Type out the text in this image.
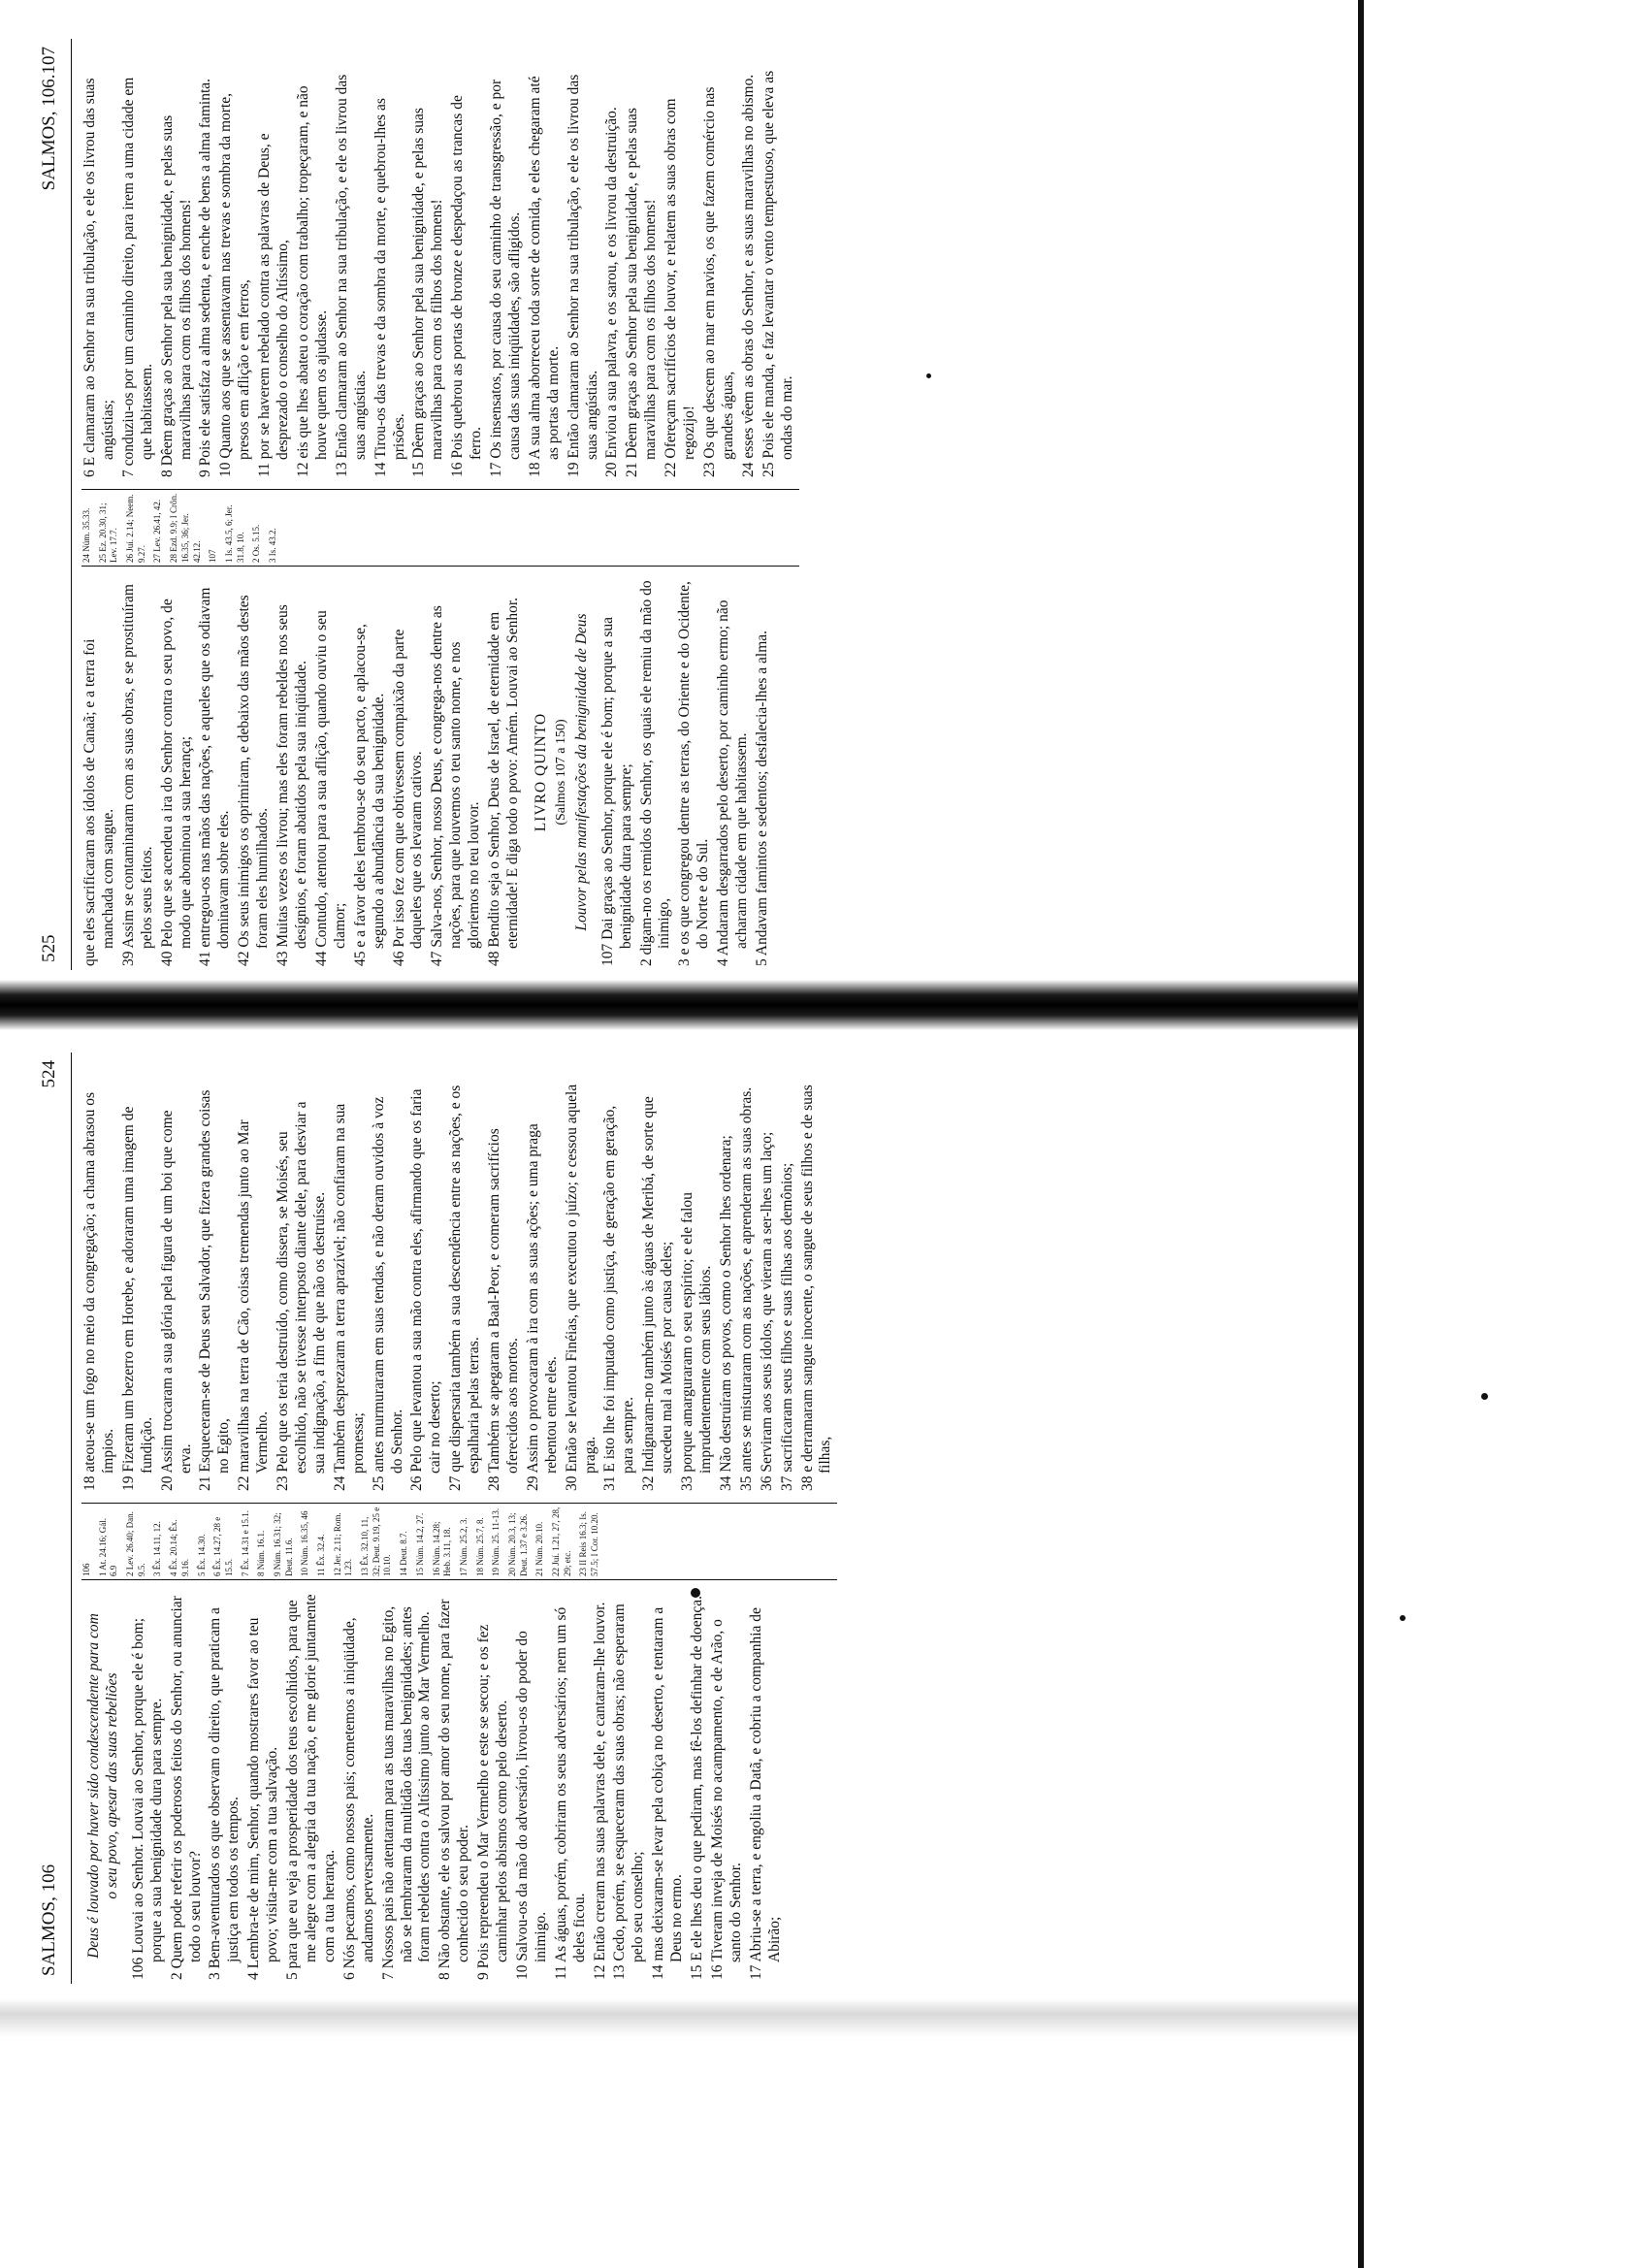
SALMOS, 106
524
Deus é louvado por haver sido condescendente para com o seu povo, apesar das suas rebeliões 106 Louvai ao Senhor. Louvai ao Senhor, porque ele é bom; porque a sua benignidade dura para sempre. 2 Quem pode referir os poderosos feitos do Senhor, ou anunciar todo o seu louvor? 3 Bem-aventurados os que observam o direito, que praticam a justiça em todos os tempos. 4 Lembra-te de mim, Senhor, quando mostrares favor ao teu povo; visita-me com a tua salvação. 5 para que eu veja a prosperidade dos teus escolhidos, para que me alegre com a alegria da tua nação, e me glorie juntamente com a tua herança. 6 Nós pecamos, como nossos pais; cometemos a iniqüidade, andamos perversamente. 7 Nossos pais não atentaram para as tuas maravilhas no Egito, não se lembraram da multidão das tuas benignidades; antes foram rebeldes contra o Altíssimo junto ao Mar Vermelho. 8 Não obstante, ele os salvou por amor do seu nome, para fazer conhecido o seu poder. 9 Pois repreendeu o Mar Vermelho e este se secou; e os fez caminhar pelos abismos como pelo deserto. 10 Salvou-os da mão do adversário, livrou-os do poder do inimigo. 11 As águas, porém, cobriram os seus adversários; nem um só deles ficou. 12 Então creram nas suas palavras dele, e cantaram-lhe louvor. 13 Cedo, porém, se esqueceram das suas obras; não esperaram pelo seu conselho; 14 mas deixaram-se levar pela cobiça no deserto, e tentaram a Deus no ermo. 15 E ele lhes deu o que pediram, mas fê-los definhar de doença. 16 Tiveram inveja de Moisés no acampamento, e de Arão, o santo do Senhor. 17 Abriu-se a terra, e engoliu a Datã, e cobriu a companhia de Abirão;
106 1 At. 24.16; Gál. 6.9 2 Lev. 26.40; Dan. 9.5. 3 Êx. 14.11, 12. 4 Êx. 20.14; Êx. 9.16. 5 Êx. 14.30. 6 Êx. 14.27, 28 e 15.5. 7 Êx. 14.31 e 15.1. 8 Núm. 16.1. 9 Núm. 16.31; 32; Deut. 11.6. 10 Núm. 16.35, 46 11 Êx. 32.4. 12 Jer. 2.11; Rom. 1.23. 13 Êx. 32.10, 11, 32; Deut. 9.19, 25 e 10.10. 14 Deut. 8.7. 15 Núm. 14.2, 27. 16 Núm. 14.28; Heb. 3.11, 18. 17 Núm. 25.2, 3. 18 Núm. 25.7, 8. 19 Núm. 25. 11-13. 20 Núm. 20.3, 13; Deut. 1.37 e 3.26. 21 Núm. 20.10. 22 Juí. 1.21, 27, 28, 29; etc. 23 II Reis 16.3; Is. 57.5; I Cor. 10.20.
18 ateou-se um fogo no meio da congregação; a chama abrasou os ímpios. 19 Fizeram um bezerro em Horebe, e adoraram uma imagem de fundição. 20 Assim trocaram a sua glória pela figura de um boi que come erva. 21 Esqueceram-se de Deus seu Salvador, que fizera grandes coisas no Egito, 22 maravilhas na terra de Cão, coisas tremendas junto ao Mar Vermelho. 23 Pelo que os teria destruído, como dissera, se Moisés, seu escolhido, não se tivesse interposto diante dele, para desviar a sua indignação, a fim de que não os destruísse. 24 Também desprezaram a terra aprazível; não confiaram na sua promessa; 25 antes murmuraram em suas tendas, e não deram ouvidos à voz do Senhor. 26 Pelo que levantou a sua mão contra eles, afirmando que os faria cair no deserto; 27 que dispersaria também a sua descendência entre as nações, e os espalharia pelas terras. 28 Também se apegaram a Baal-Peor, e comeram sacrifícios oferecidos aos mortos. 29 Assim o provocaram à ira com as suas ações; e uma praga rebentou entre eles. 30 Então se levantou Finéias, que executou o juízo; e cessou aquela praga. 31 E isto lhe foi imputado como justiça, de geração em geração, para sempre. 32 Indignaram-no também junto às águas de Meribá, de sorte que sucedeu mal a Moisés por causa deles; 33 porque amarguraram o seu espírito; e ele falou imprudentemente com seus lábios. 34 Não destruíram os povos, como o Senhor lhes ordenara; 35 antes se misturaram com as nações, e aprenderam as suas obras. 36 Serviram aos seus ídolos, que vieram a ser-lhes um laço; 37 sacrificaram seus filhos e suas filhas aos demônios; 38 e derramaram sangue inocente, o sangue de seus filhos e de suas filhas,
525
SALMOS, 106.107
que eles sacrificaram aos ídolos de Canaã; e a terra foi manchada com sangue. 39 Assim se contaminaram com as suas obras, e se prostituíram pelos seus feitos. 40 Pelo que se acendeu a ira do Senhor contra o seu povo, de modo que abominou a sua herança; 41 entregou-os nas mãos das nações, e aqueles que os odiavam dominavam sobre eles. 42 Os seus inimigos os oprimiram, e debaixo das mãos destes foram eles humilhados. 43 Muitas vezes os livrou; mas eles foram rebeldes nos seus desígnios, e foram abatidos pela sua iniqüidade. 44 Contudo, atentou para a sua aflição, quando ouviu o seu clamor; 45 e a favor deles lembrou-se do seu pacto, e aplacou-se, segundo a abundância da sua benignidade. 46 Por isso fez com que obtivessem compaixão da parte daqueles que os levaram cativos. 47 Salva-nos, Senhor, nosso Deus, e congrega-nos dentre as nações, para que louvemos o teu santo nome, e nos gloriemos no teu louvor. 48 Bendito seja o Senhor, Deus de Israel, de eternidade em eternidade! E diga todo o povo: Amém. Louvai ao Senhor. LIVRO QUINTO (Salmos 107 a 150) Louvor pelas manifestações da benignidade de Deus 107 Dai graças ao Senhor, porque ele é bom; porque a sua benignidade dura para sempre; 2 digam-no os remidos do Senhor, os quais ele remiu da mão do inimigo, 3 e os que congregou dentre as terras, do Oriente e do Ocidente, do Norte e do Sul. 4 Andaram desgarrados pelo deserto, por caminho ermo; não acharam cidade em que habitassem. 5 Andavam famintos e sedentos; desfalecia-lhes a alma.
24 Núm. 35.33. 25 Ez. 20.30, 31; Lev. 17.7. 26 Juí. 2.14; Neem. 9.27. 27 Lev. 26.41, 42. 28 Ezd. 9.9; I Crôn. 16.35, 36; Jer. 42.12. 107 1 Is. 43.5, 6; Jer. 31.8, 10. 2 Os. 5.15. 3 Is. 43.2.
6 E clamaram ao Senhor na sua tribulação, e ele os livrou das suas angústias; 7 conduziu-os por um caminho direito, para irem a uma cidade em que habitassem. 8 Dêem graças ao Senhor pela sua benignidade, e pelas suas maravilhas para com os filhos dos homens! 9 Pois ele satisfaz a alma sedenta, e enche de bens a alma faminta. 10 Quanto aos que se assentavam nas trevas e sombra da morte, presos em aflição e em ferros, 11 por se haverem rebelado contra as palavras de Deus, e desprezado o conselho do Altíssimo, 12 eis que lhes abateu o coração com trabalho; tropeçaram, e não houve quem os ajudasse. 13 Então clamaram ao Senhor na sua tribulação, e ele os livrou das suas angústias. 14 Tirou-os das trevas e da sombra da morte, e quebrou-lhes as prisões. 15 Dêem graças ao Senhor pela sua benignidade, e pelas suas maravilhas para com os filhos dos homens! 16 Pois quebrou as portas de bronze e despedaçou as trancas de ferro. 17 Os insensatos, por causa do seu caminho de transgressão, e por causa das suas iniqüidades, são afligidos. 18 A sua alma aborreceu toda sorte de comida, e eles chegaram até as portas da morte. 19 Então clamaram ao Senhor na sua tribulação, e ele os livrou das suas angústias. 20 Enviou a sua palavra, e os sarou, e os livrou da destruição. 21 Dêem graças ao Senhor pela sua benignidade, e pelas suas maravilhas para com os filhos dos homens! 22 Ofereçam sacrifícios de louvor, e relatem as suas obras com regozijo! 23 Os que descem ao mar em navios, os que fazem comércio nas grandes águas, 24 esses vêem as obras do Senhor, e as suas maravilhas no abismo. 25 Pois ele manda, e faz levantar o vento tempestuoso, que eleva as ondas do mar.
